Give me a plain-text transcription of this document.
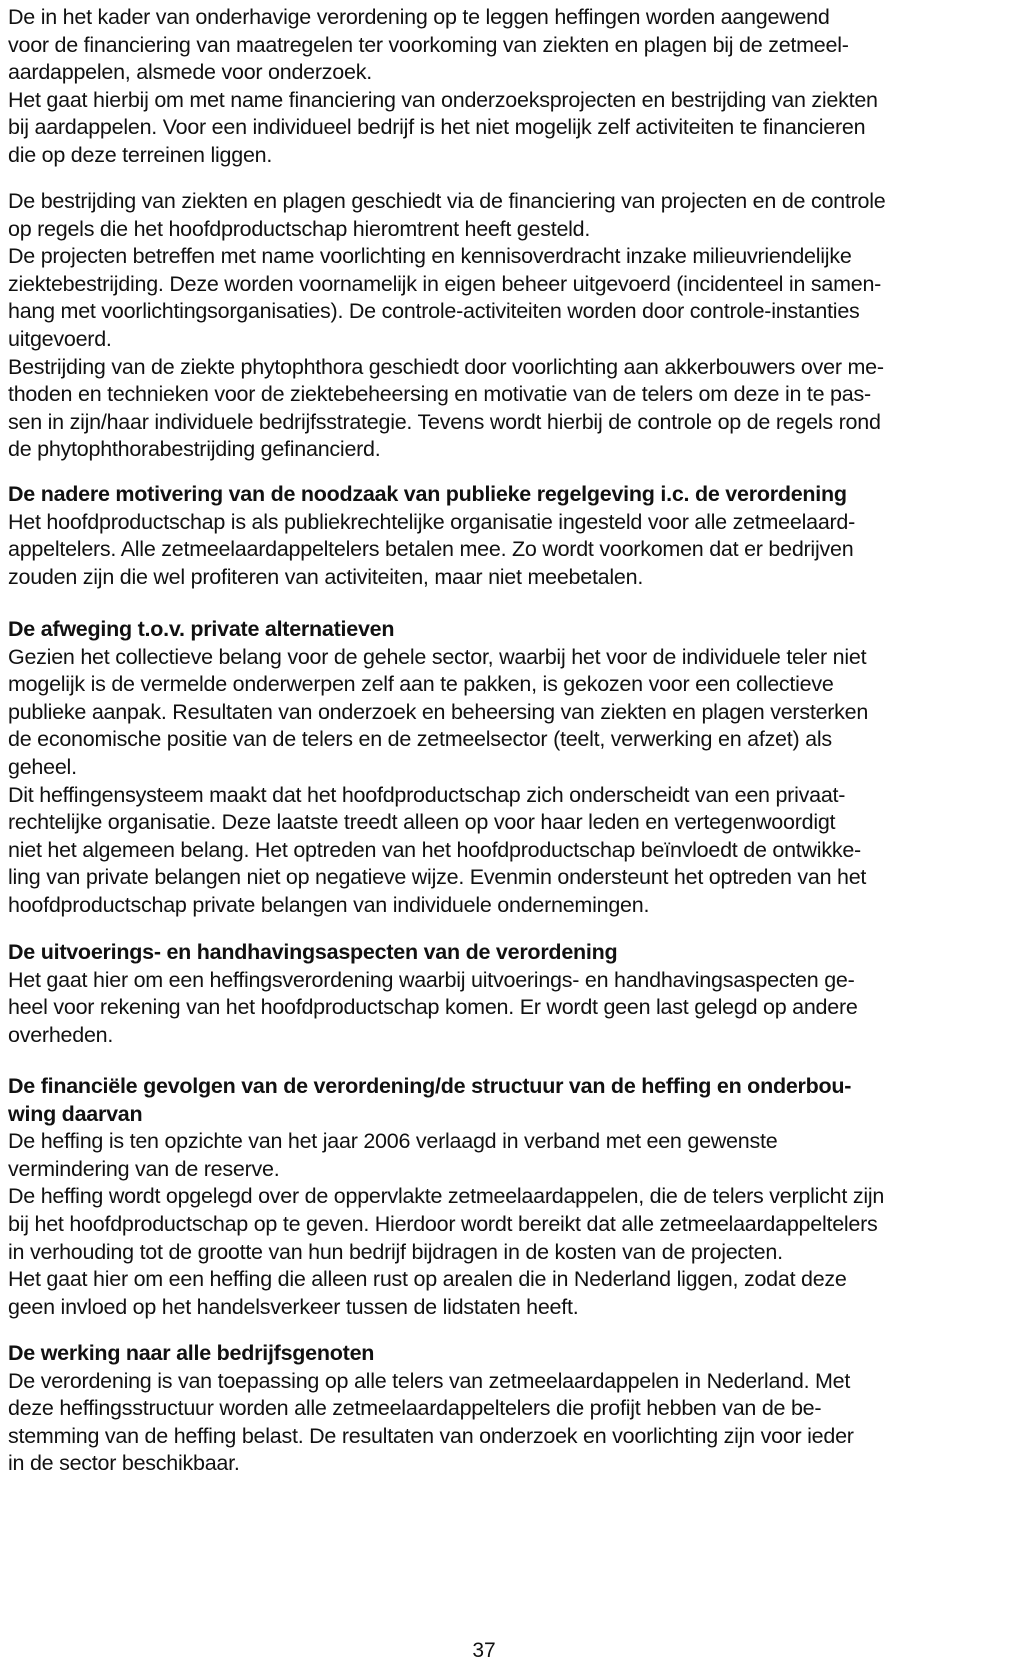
De in het kader van onderhavige verordening op te leggen heffingen worden aangewend
voor de financiering van maatregelen ter voorkoming van ziekten en plagen bij de zetmeel-
aardappelen, alsmede voor onderzoek.
Het gaat hierbij om met name financiering van onderzoeksprojecten en bestrijding van ziekten
bij aardappelen. Voor een individueel bedrijf is het niet mogelijk zelf activiteiten te financieren
die op deze terreinen liggen.
De bestrijding van ziekten en plagen geschiedt via de financiering van projecten en de controle
op regels die het hoofdproductschap hieromtrent heeft gesteld.
De projecten betreffen met name voorlichting en kennisoverdracht inzake milieuvriendelijke
ziektebestrijding. Deze worden voornamelijk in eigen beheer uitgevoerd (incidenteel in samen-
hang met voorlichtingsorganisaties). De controle-activiteiten worden door controle-instanties
uitgevoerd.
Bestrijding van de ziekte phytophthora geschiedt door voorlichting aan akkerbouwers over me-
thoden en technieken voor de ziektebeheersing en motivatie van de telers om deze in te pas-
sen in zijn/haar individuele bedrijfsstrategie. Tevens wordt hierbij de controle op de regels rond
de phytophthorabestrijding gefinancierd.
De nadere motivering van de noodzaak van publieke regelgeving i.c. de verordening
Het hoofdproductschap is als publiekrechtelijke organisatie ingesteld voor alle zetmeelaard-
appeltelers. Alle zetmeelaardappeltelers betalen mee. Zo wordt voorkomen dat er bedrijven
zouden zijn die wel profiteren van activiteiten, maar niet meebetalen.
De afweging t.o.v. private alternatieven
Gezien het collectieve belang voor de gehele sector, waarbij het voor de individuele teler niet
mogelijk is de vermelde onderwerpen zelf aan te pakken, is gekozen voor een collectieve
publieke aanpak. Resultaten van onderzoek en beheersing van ziekten en plagen versterken
de economische positie van de telers en de zetmeelsector (teelt, verwerking en afzet) als
geheel.
Dit heffingensysteem maakt dat het hoofdproductschap zich onderscheidt van een privaat-
rechtelijke organisatie. Deze laatste treedt alleen op voor haar leden en vertegenwoordigt
niet het algemeen belang. Het optreden van het hoofdproductschap beïnvloedt de ontwikke-
ling van private belangen niet op negatieve wijze. Evenmin ondersteunt het optreden van het
hoofdproductschap private belangen van individuele ondernemingen.
De uitvoerings- en handhavingsaspecten van de verordening
Het gaat hier om een heffingsverordening waarbij uitvoerings- en handhavingsaspecten ge-
heel voor rekening van het hoofdproductschap komen. Er wordt geen last gelegd op andere
overheden.
De financiële gevolgen van de verordening/de structuur van de heffing en onderbou-
wing daarvan
De heffing is ten opzichte van het jaar 2006 verlaagd in verband met een gewenste
vermindering van de reserve.
De heffing wordt opgelegd over de oppervlakte zetmeelaardappelen, die de telers verplicht zijn
bij het hoofdproductschap op te geven. Hierdoor wordt bereikt dat alle zetmeelaardappeltelers
in verhouding tot de grootte van hun bedrijf bijdragen in de kosten van de projecten.
Het gaat hier om een heffing die alleen rust op arealen die in Nederland liggen, zodat deze
geen invloed op het handelsverkeer tussen de lidstaten heeft.
De werking naar alle bedrijfsgenoten
De verordening is van toepassing op alle telers van zetmeelaardappelen in Nederland. Met
deze heffingsstructuur worden alle zetmeelaardappeltelers die profijt hebben van de be-
stemming van de heffing belast. De resultaten van onderzoek en voorlichting zijn voor ieder
in de sector beschikbaar.
37
